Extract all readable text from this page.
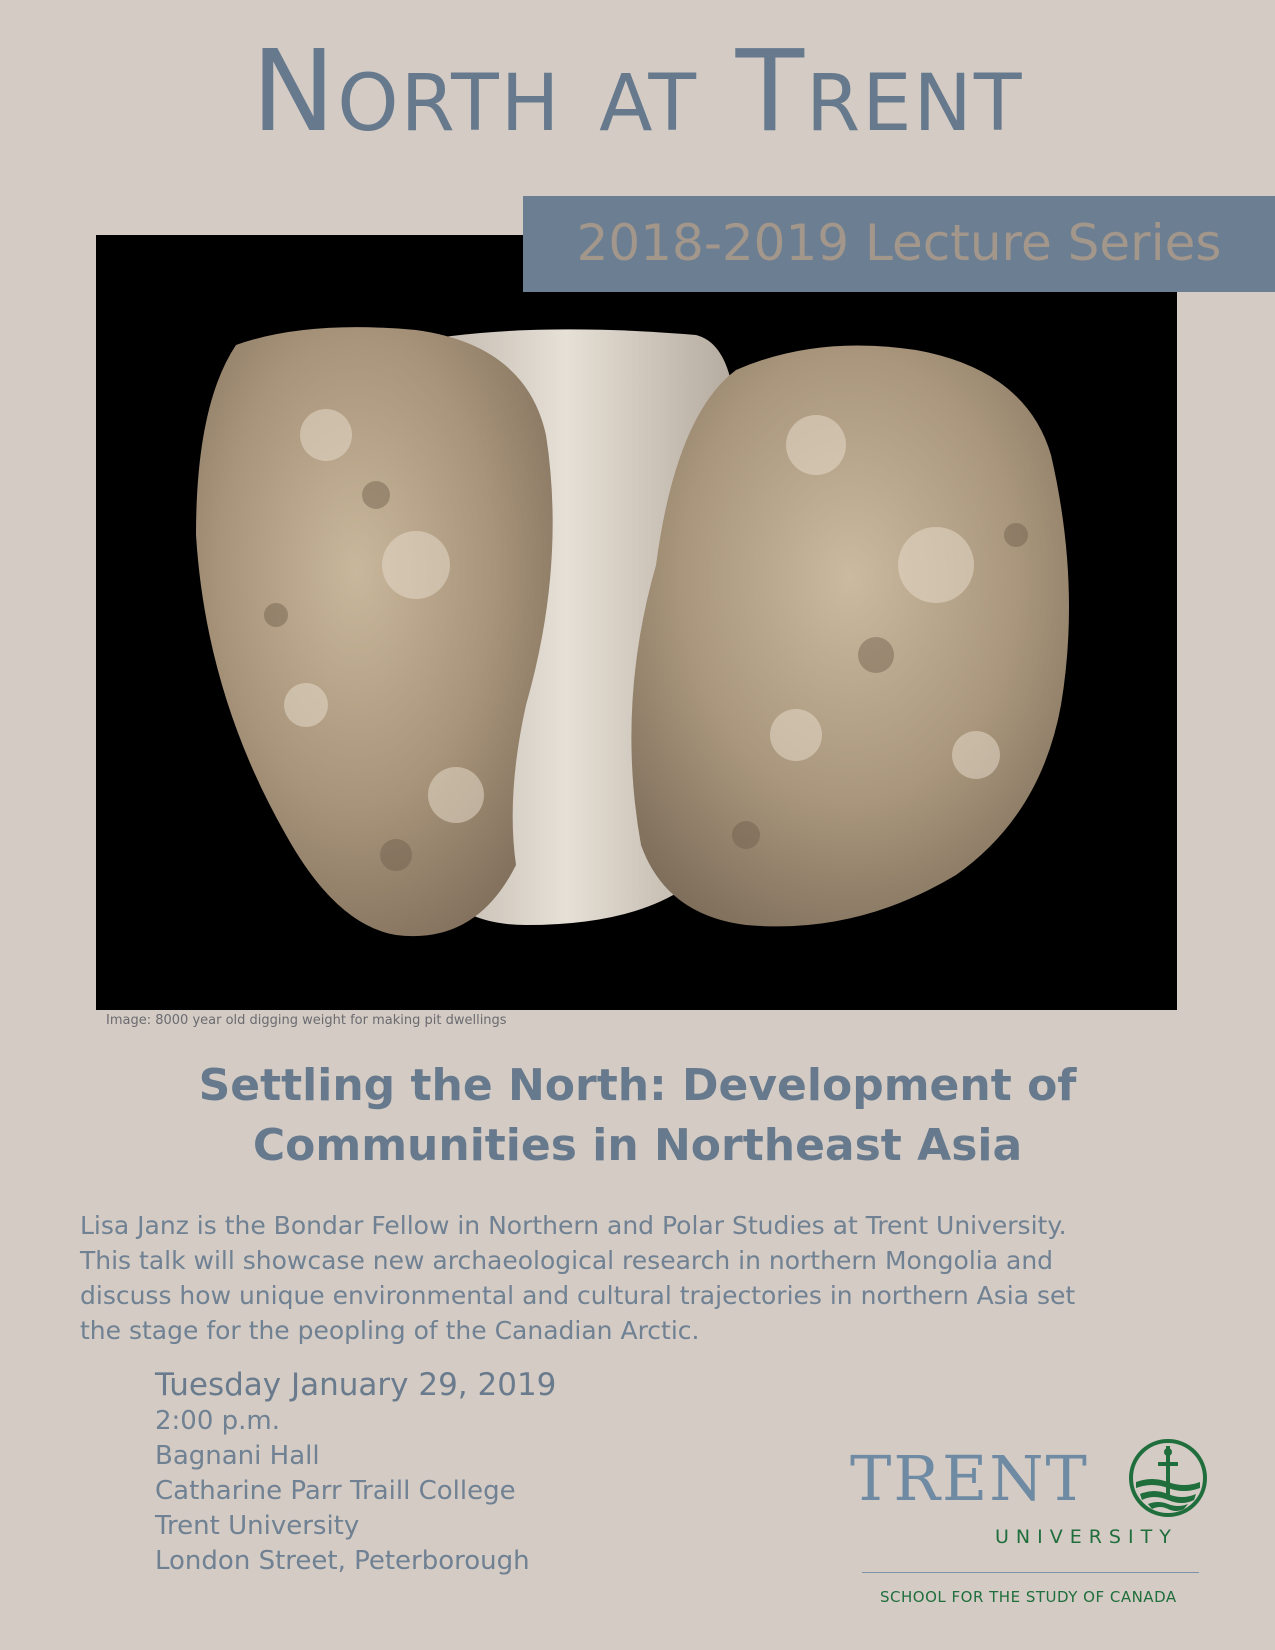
North at Trent
2018-2019 Lecture Series
Image: 8000 year old digging weight for making pit dwellings
Settling the North: Development of
Communities in Northeast Asia
Lisa Janz is the Bondar Fellow in Northern and Polar Studies at Trent University.
This talk will showcase new archaeological research in northern Mongolia and
discuss how unique environmental and cultural trajectories in northern Asia set
the stage for the peopling of the Canadian Arctic.
Tuesday January 29, 2019
2:00 p.m.
Bagnani Hall
Catharine Parr Traill College
Trent University
London Street, Peterborough
TRENT
UNIVERSITY
SCHOOL FOR THE STUDY OF CANADA
